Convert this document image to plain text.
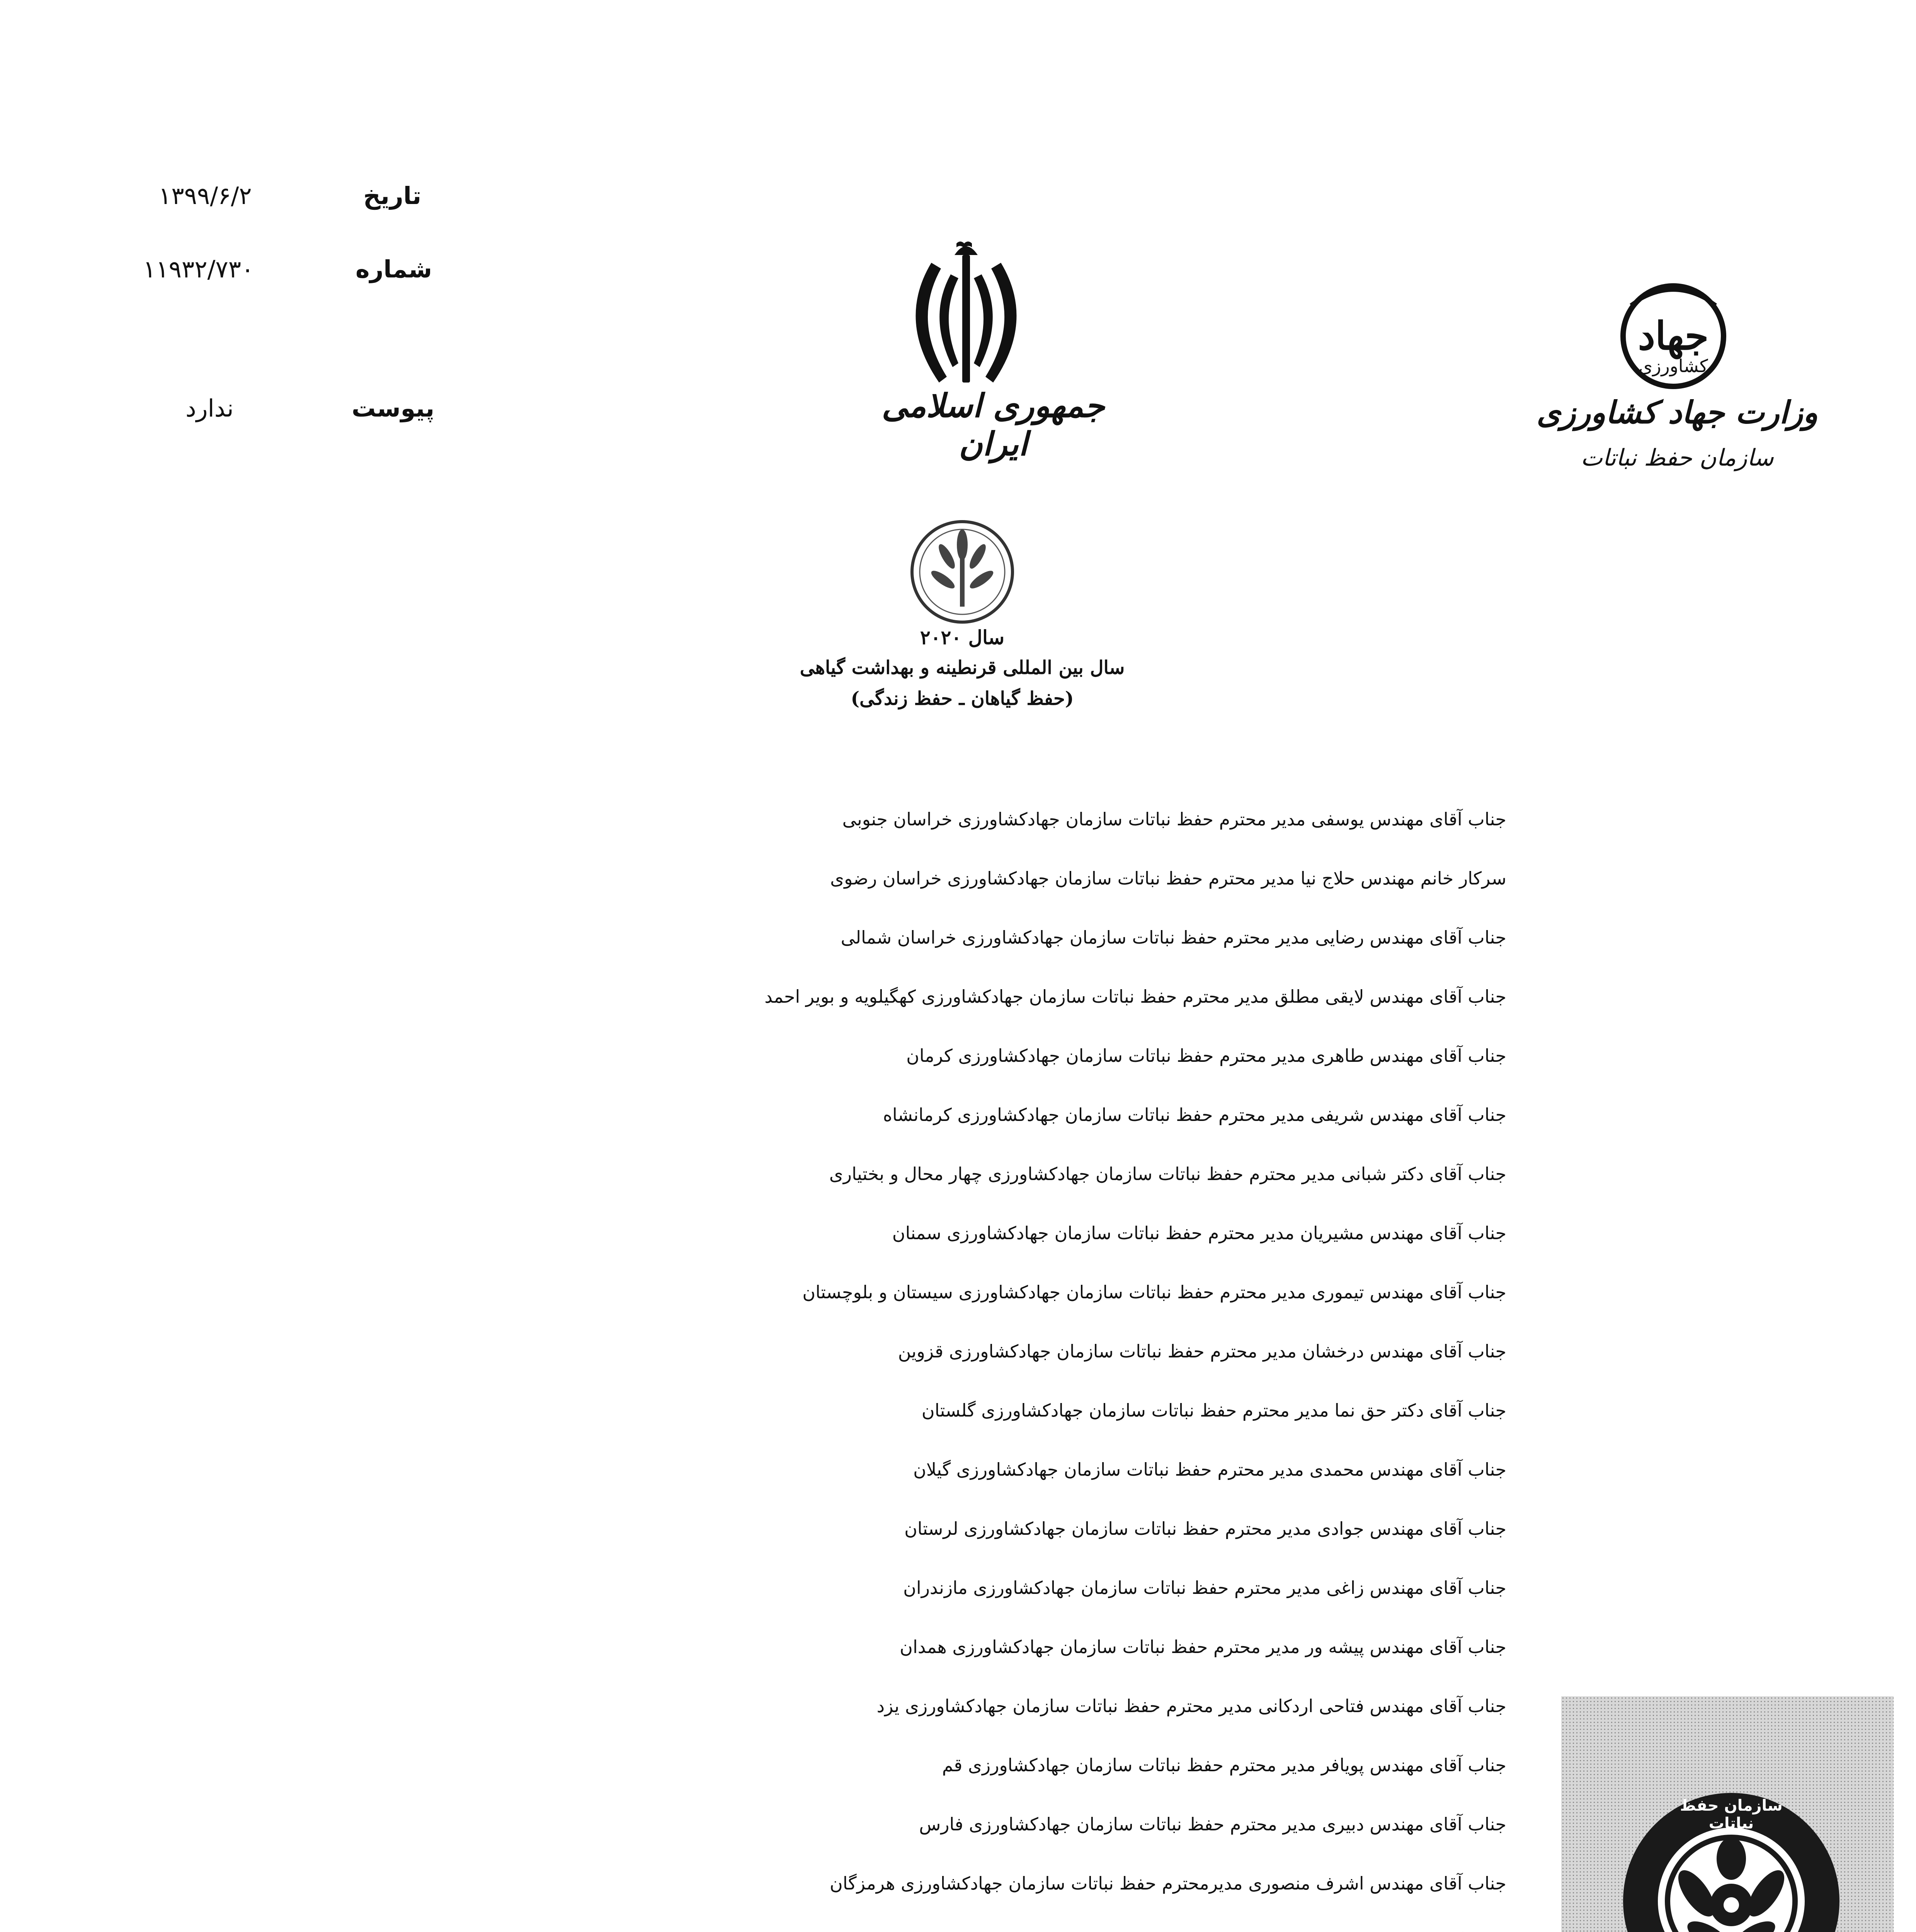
تاریخ
۱۳۹۹/۶/۲
شماره
۱۱۹۳۲/۷۳۰
پیوست
ندارد	جمهوری اسلامی ایران
جهاد
کشاورزی
وزارت جهاد کشاورزی
سازمان حفظ نباتات
سال ۲۰۲۰
سال بین المللی قرنطینه و بهداشت گیاهی
(حفظ گیاهان ـ حفظ زندگی)
جناب آقای مهندس یوسفی مدیر محترم حفظ نباتات سازمان جهادکشاورزی خراسان جنوبی
سرکار خانم مهندس حلاج نیا مدیر محترم حفظ نباتات سازمان جهادکشاورزی خراسان رضوی
جناب آقای مهندس رضایی مدیر محترم حفظ نباتات سازمان جهادکشاورزی خراسان شمالی
جناب آقای مهندس لایقی مطلق مدیر محترم حفظ نباتات سازمان جهادکشاورزی کهگیلویه و بویر احمد
جناب آقای مهندس طاهری مدیر محترم حفظ نباتات سازمان جهادکشاورزی کرمان
جناب آقای مهندس شریفی مدیر محترم حفظ نباتات سازمان جهادکشاورزی کرمانشاه
جناب آقای دکتر شبانی مدیر محترم حفظ نباتات سازمان جهادکشاورزی چهار محال و بختیاری
جناب آقای مهندس مشیریان مدیر محترم حفظ نباتات سازمان جهادکشاورزی سمنان
جناب آقای مهندس تیموری مدیر محترم حفظ نباتات سازمان جهادکشاورزی سیستان و بلوچستان
جناب آقای مهندس درخشان مدیر محترم حفظ نباتات سازمان جهادکشاورزی قزوین
جناب آقای دکتر حق نما مدیر محترم حفظ نباتات سازمان جهادکشاورزی گلستان
جناب آقای مهندس محمدی مدیر محترم حفظ نباتات سازمان جهادکشاورزی گیلان
جناب آقای مهندس جوادی مدیر محترم حفظ نباتات سازمان جهادکشاورزی لرستان
جناب آقای مهندس زاغی مدیر محترم حفظ نباتات سازمان جهادکشاورزی مازندران
جناب آقای مهندس پیشه ور مدیر محترم حفظ نباتات سازمان جهادکشاورزی همدان
جناب آقای مهندس فتاحی اردکانی مدیر محترم حفظ نباتات سازمان جهادکشاورزی یزد
جناب آقای مهندس پویافر مدیر محترم حفظ نباتات سازمان جهادکشاورزی قم
جناب آقای مهندس دبیری مدیر محترم حفظ نباتات سازمان جهادکشاورزی فارس
جناب آقای مهندس اشرف منصوری مدیرمحترم حفظ نباتات سازمان جهادکشاورزی هرمزگان
سازمان حفظ نباتات
